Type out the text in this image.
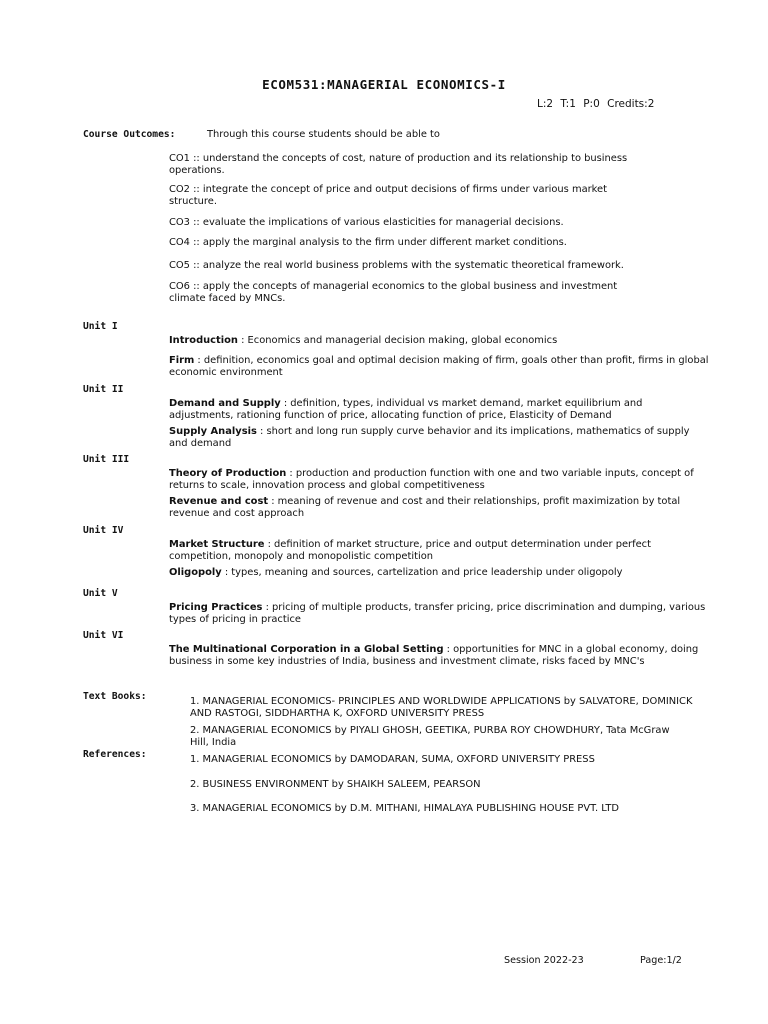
ECOM531:MANAGERIAL ECONOMICS-I
L:2 T:1 P:0 Credits:2
Course Outcomes:	Through this course students should be able to
CO1 :: understand the concepts of cost, nature of production and its relationship to business operations.
CO2 :: integrate the concept of price and output decisions of firms under various market structure.
CO3 :: evaluate the implications of various elasticities for managerial decisions.
CO4 :: apply the marginal analysis to the firm under different market conditions.
CO5 :: analyze the real world business problems with the systematic theoretical framework.
CO6 :: apply the concepts of managerial economics to the global business and investment climate faced by MNCs.
Unit I
Introduction : Economics and managerial decision making, global economics
Firm : definition, economics goal and optimal decision making of firm, goals other than profit, firms in global economic environment
Unit II
Demand and Supply : definition, types, individual vs market demand, market equilibrium and adjustments, rationing function of price, allocating function of price, Elasticity of Demand
Supply Analysis : short and long run supply curve behavior and its implications, mathematics of supply and demand
Unit III
Theory of Production : production and production function with one and two variable inputs, concept of returns to scale, innovation process and global competitiveness
Revenue and cost : meaning of revenue and cost and their relationships, profit maximization by total revenue and cost approach
Unit IV
Market Structure : definition of market structure, price and output determination under perfect competition, monopoly and monopolistic competition
Oligopoly : types, meaning and sources, cartelization and price leadership under oligopoly
Unit V
Pricing Practices : pricing of multiple products, transfer pricing, price discrimination and dumping, various types of pricing in practice
Unit VI
The Multinational Corporation in a Global Setting : opportunities for MNC in a global economy, doing business in some key industries of India, business and investment climate, risks faced by MNC's
Text Books:	1. MANAGERIAL ECONOMICS- PRINCIPLES AND WORLDWIDE APPLICATIONS by SALVATORE, DOMINICK AND RASTOGI, SIDDHARTHA K, OXFORD UNIVERSITY PRESS
2. MANAGERIAL ECONOMICS by PIYALI GHOSH, GEETIKA, PURBA ROY CHOWDHURY, Tata McGraw Hill, India
References:	1. MANAGERIAL ECONOMICS by DAMODARAN, SUMA, OXFORD UNIVERSITY PRESS
2. BUSINESS ENVIRONMENT by SHAIKH SALEEM, PEARSON
3. MANAGERIAL ECONOMICS by D.M. MITHANI, HIMALAYA PUBLISHING HOUSE PVT. LTD
Session 2022-23	Page:1/2
